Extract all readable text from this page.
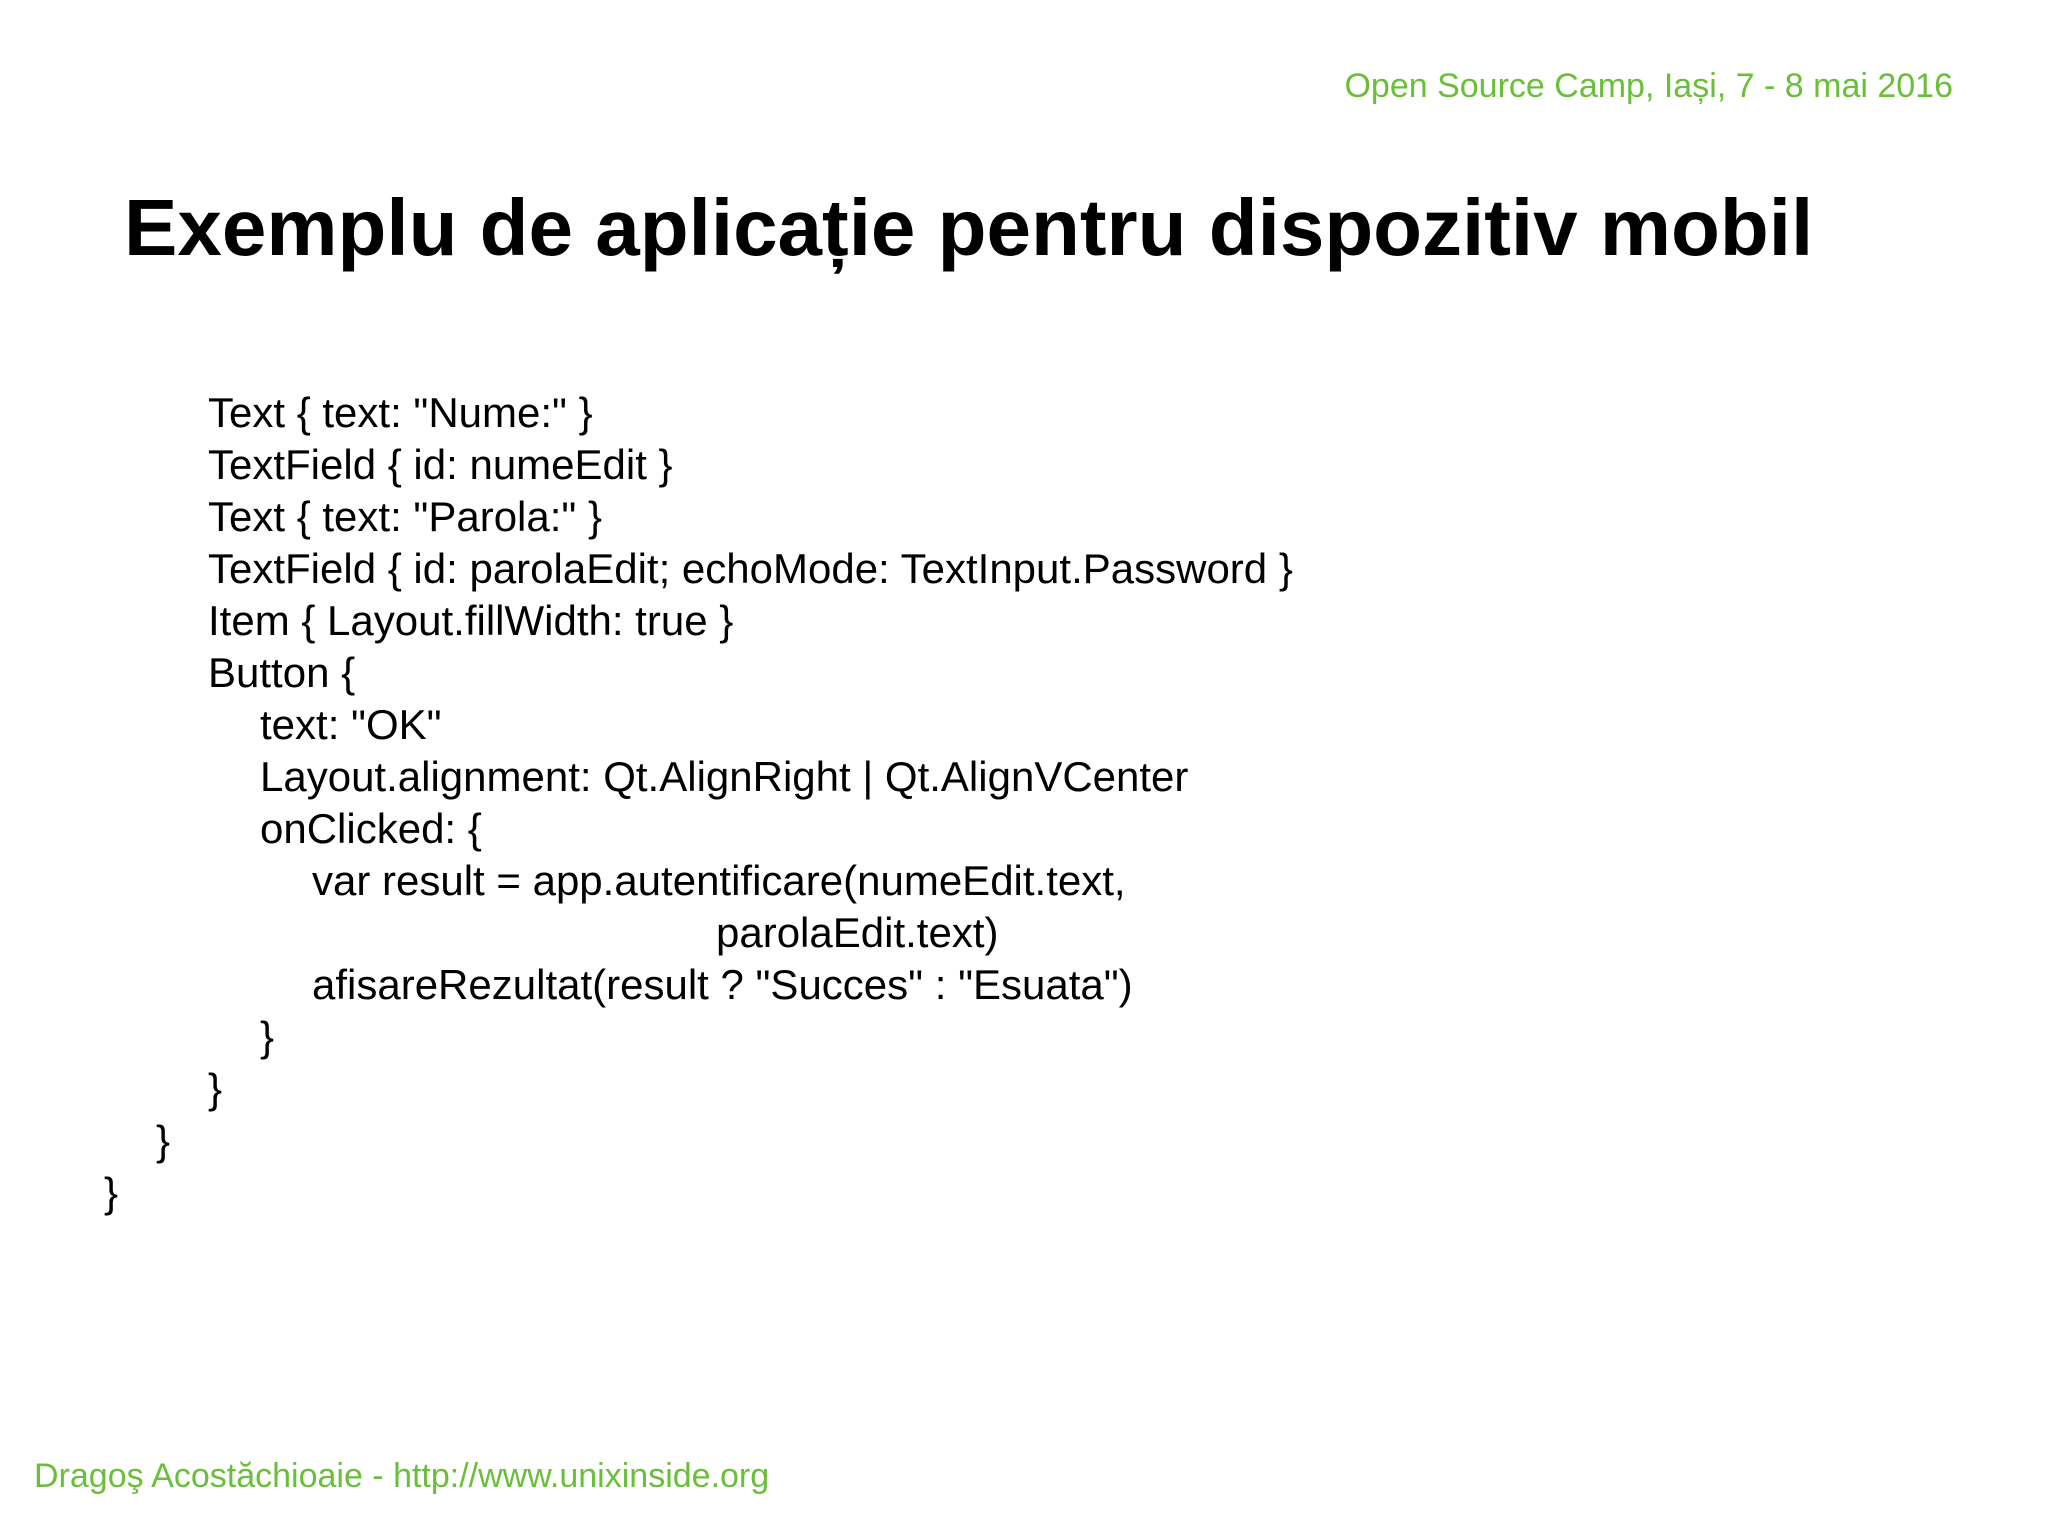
Open Source Camp, Iași, 7 - 8 mai 2016
Exemplu de aplicație pentru dispozitiv mobil
Text { text: "Nume:" }
TextField { id: numeEdit }
Text { text: "Parola:" }
TextField { id: parolaEdit; echoMode: TextInput.Password }
Item { Layout.fillWidth: true }
Button {
text: "OK"
Layout.alignment: Qt.AlignRight | Qt.AlignVCenter
onClicked: {
var result = app.autentificare(numeEdit.text,
parolaEdit.text)
afisareRezultat(result ? "Succes" : "Esuata")
}
}
}
}
Dragoş Acostăchioaie - http://www.unixinside.org
